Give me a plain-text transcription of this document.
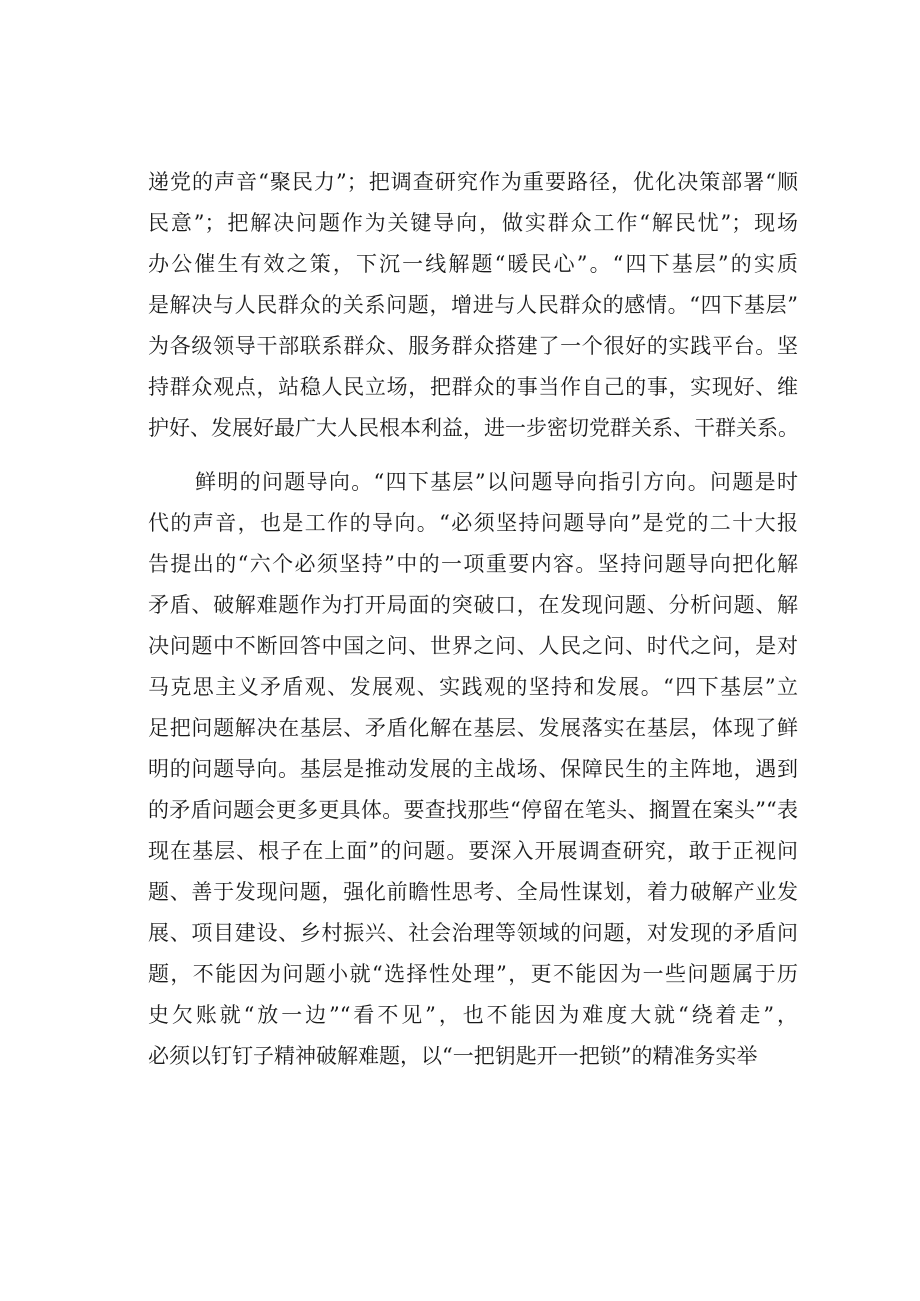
递党的声音“聚民力”；把调查研究作为重要路径，优化决策部署“顺
民意”；把解决问题作为关键导向，做实群众工作“解民忧”；现场
办公催生有效之策，下沉一线解题“暖民心”。“四下基层”的实质
是解决与人民群众的关系问题，增进与人民群众的感情。“四下基层”
为各级领导干部联系群众、服务群众搭建了一个很好的实践平台。坚
持群众观点，站稳人民立场，把群众的事当作自己的事，实现好、维
护好、发展好最广大人民根本利益，进一步密切党群关系、干群关系。
鲜明的问题导向。“四下基层”以问题导向指引方向。问题是时
代的声音，也是工作的导向。“必须坚持问题导向”是党的二十大报
告提出的“六个必须坚持”中的一项重要内容。坚持问题导向把化解
矛盾、破解难题作为打开局面的突破口，在发现问题、分析问题、解
决问题中不断回答中国之问、世界之问、人民之问、时代之问，是对
马克思主义矛盾观、发展观、实践观的坚持和发展。“四下基层”立
足把问题解决在基层、矛盾化解在基层、发展落实在基层，体现了鲜
明的问题导向。基层是推动发展的主战场、保障民生的主阵地，遇到
的矛盾问题会更多更具体。要查找那些“停留在笔头、搁置在案头”“表
现在基层、根子在上面”的问题。要深入开展调查研究，敢于正视问
题、善于发现问题，强化前瞻性思考、全局性谋划，着力破解产业发
展、项目建设、乡村振兴、社会治理等领域的问题，对发现的矛盾问
题，不能因为问题小就“选择性处理”，更不能因为一些问题属于历
史欠账就“放一边”“看不见”，也不能因为难度大就“绕着走”，
必须以钉钉子精神破解难题，以“一把钥匙开一把锁”的精准务实举
